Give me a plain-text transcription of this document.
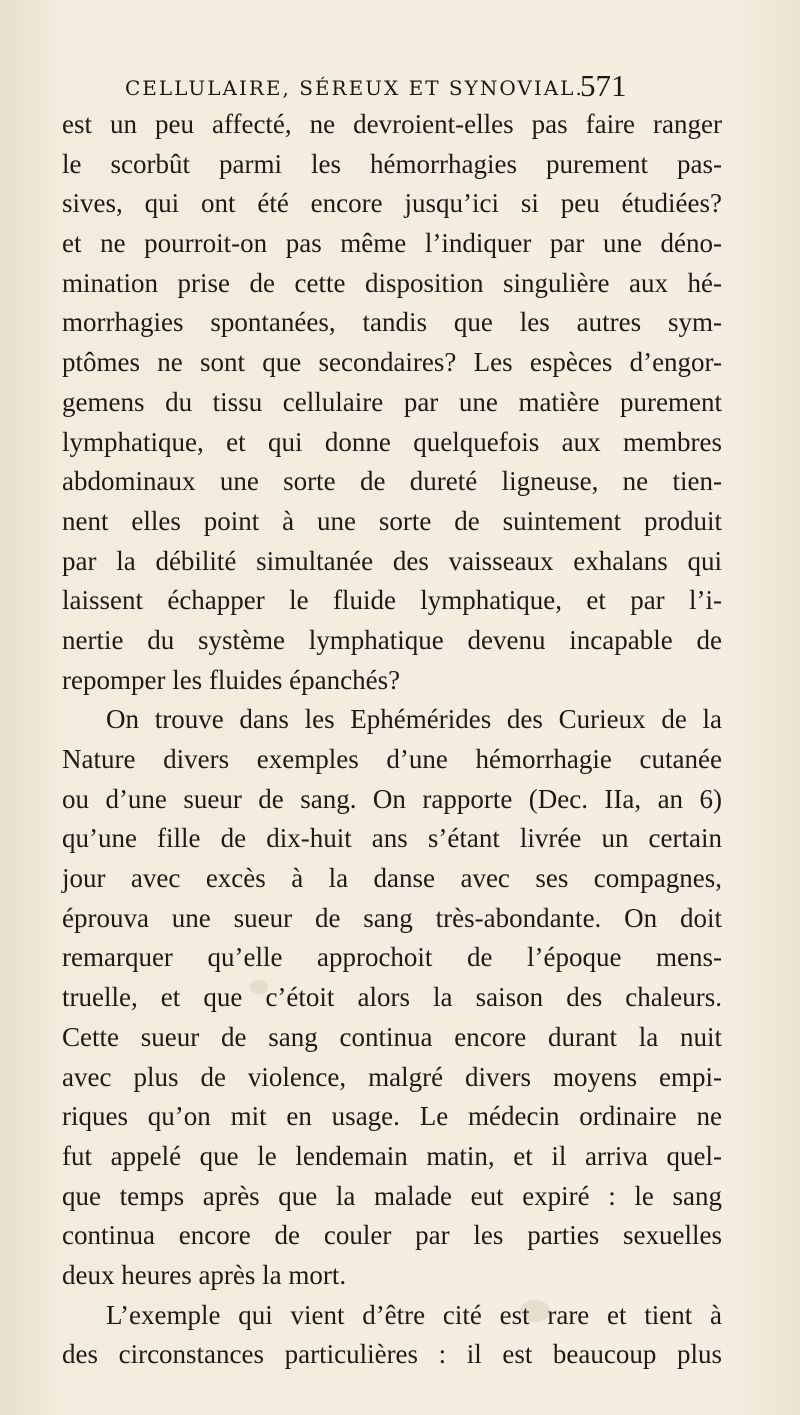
CELLULAIRE, SÉREUX ET SYNOVIAL.
571
est un peu affecté, ne devroient-elles pas faire ranger
le scorbût parmi les hémorrhagies purement pas-
sives, qui ont été encore jusqu’ici si peu étudiées?
et ne pourroit-on pas même l’indiquer par une déno-
mination prise de cette disposition singulière aux hé-
morrhagies spontanées, tandis que les autres sym-
ptômes ne sont que secondaires? Les espèces d’engor-
gemens du tissu cellulaire par une matière purement
lymphatique, et qui donne quelquefois aux membres
abdominaux une sorte de dureté ligneuse, ne tien-
nent elles point à une sorte de suintement produit
par la débilité simultanée des vaisseaux exhalans qui
laissent échapper le fluide lymphatique, et par l’i-
nertie du système lymphatique devenu incapable de
repomper les fluides épanchés?
On trouve dans les Ephémérides des Curieux de la
Nature divers exemples d’une hémorrhagie cutanée
ou d’une sueur de sang. On rapporte (Dec. IIa, an 6)
qu’une fille de dix-huit ans s’étant livrée un certain
jour avec excès à la danse avec ses compagnes,
éprouva une sueur de sang très-abondante. On doit
remarquer qu’elle approchoit de l’époque mens-
truelle, et que c’étoit alors la saison des chaleurs.
Cette sueur de sang continua encore durant la nuit
avec plus de violence, malgré divers moyens empi-
riques qu’on mit en usage. Le médecin ordinaire ne
fut appelé que le lendemain matin, et il arriva quel-
que temps après que la malade eut expiré : le sang
continua encore de couler par les parties sexuelles
deux heures après la mort.
L’exemple qui vient d’être cité est rare et tient à
des circonstances particulières : il est beaucoup plus
